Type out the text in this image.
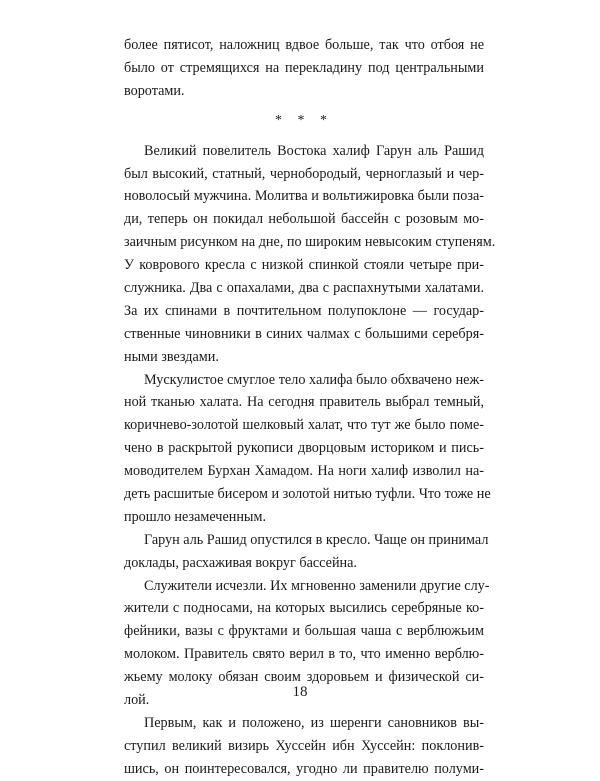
более пятисот, наложниц вдвое больше, так что отбоя не
было от стремящихся на перекладину под центральными
воротами.
* * *
Великий повелитель Востока халиф Гарун аль Рашид
был высокий, статный, чернобородый, черноглазый и чер-
новолосый мужчина. Молитва и вольтижировка были поза-
ди, теперь он покидал небольшой бассейн с розовым мо-
заичным рисунком на дне, по широким невысоким ступеням.
У коврового кресла с низкой спинкой стояли четыре при-
служника. Два с опахалами, два с распахнутыми халатами.
За их спинами в почтительном полупоклоне — государ-
ственные чиновники в синих чалмах с большими серебря-
ными звездами.
Мускулистое смуглое тело халифа было обхвачено неж-
ной тканью халата. На сегодня правитель выбрал темный,
коричнево-золотой шелковый халат, что тут же было поме-
чено в раскрытой рукописи дворцовым историком и пись-
моводителем Бурхан Хамадом. На ноги халиф изволил на-
деть расшитые бисером и золотой нитью туфли. Что тоже не
прошло незамеченным.
Гарун аль Рашид опустился в кресло. Чаще он принимал
доклады, расхаживая вокруг бассейна.
Служители исчезли. Их мгновенно заменили другие слу-
жители с подносами, на которых высились серебряные ко-
фейники, вазы с фруктами и большая чаша с верблюжьим
молоком. Правитель свято верил в то, что именно верблю-
жьему молоку обязан своим здоровьем и физической си-
лой.
Первым, как и положено, из шеренги сановников вы-
ступил великий визирь Хуссейн ибн Хуссейн: поклонив-
шись, он поинтересовался, угодно ли правителю полуми-
18
